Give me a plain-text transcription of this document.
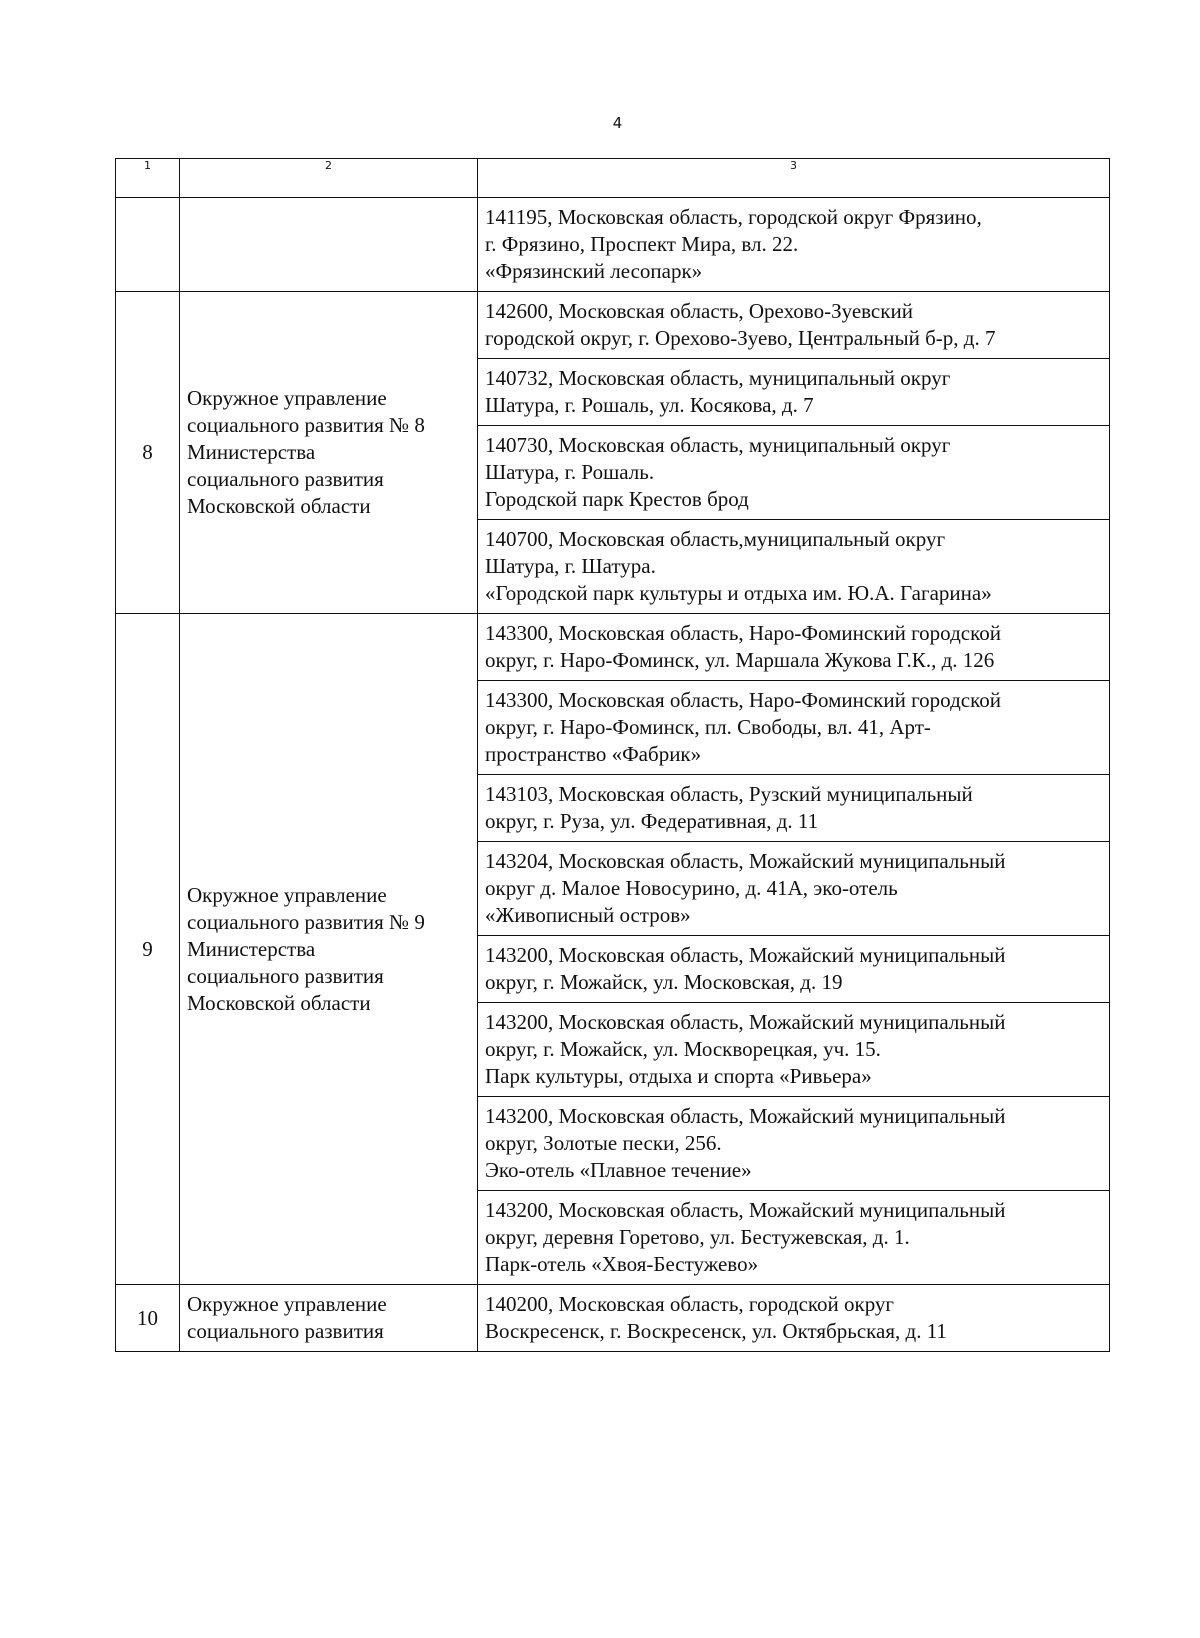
4
1	2	3
		141195, Московская область, городской округ Фрязино,
г. Фрязино, Проспект Мира, вл. 22.
«Фрязинский лесопарк»
8	Окружное управление
социального развития № 8
Министерства
социального развития
Московской области	142600, Московская область, Орехово-Зуевский
городской округ, г. Орехово-Зуево, Центральный б-р, д. 7
		140732, Московская область, муниципальный округ
Шатура, г. Рошаль, ул. Косякова, д. 7
		140730, Московская область, муниципальный округ
Шатура, г. Рошаль.
Городской парк Крестов брод
		140700, Московская область,муниципальный округ
Шатура, г. Шатура.
«Городской парк культуры и отдыха им. Ю.А. Гагарина»
9	Окружное управление
социального развития № 9
Министерства
социального развития
Московской области	143300, Московская область, Наро-Фоминский городской
округ, г. Наро-Фоминск, ул. Маршала Жукова Г.К., д. 126
		143300, Московская область, Наро-Фоминский городской
округ, г. Наро-Фоминск, пл. Свободы, вл. 41, Арт-
пространство «Фабрик»
		143103, Московская область, Рузский муниципальный
округ, г. Руза, ул. Федеративная, д. 11
		143204, Московская область, Можайский муниципальный
округ д. Малое Новосурино, д. 41А, эко-отель
«Живописный остров»
		143200, Московская область, Можайский муниципальный
округ, г. Можайск, ул. Московская, д. 19
		143200, Московская область, Можайский муниципальный
округ, г. Можайск, ул. Москворецкая, уч. 15.
Парк культуры, отдыха и спорта «Ривьера»
		143200, Московская область, Можайский муниципальный
округ, Золотые пески, 256.
Эко-отель «Плавное течение»
		143200, Московская область, Можайский муниципальный
округ, деревня Горетово, ул. Бестужевская, д. 1.
Парк-отель «Хвоя-Бестужево»
10	Окружное управление
социального развития	140200, Московская область, городской округ
Воскресенск, г. Воскресенск, ул. Октябрьская, д. 11
